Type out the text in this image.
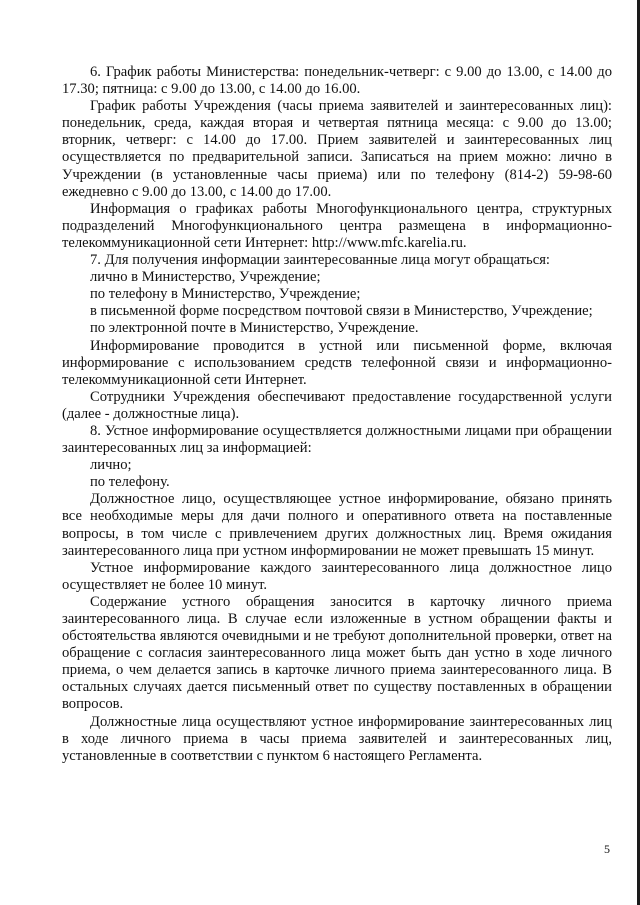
6. График работы Министерства: понедельник-четверг: с 9.00 до 13.00, с 14.00 до 17.30; пятница: с 9.00 до 13.00, с 14.00 до 16.00.

График работы Учреждения (часы приема заявителей и заинтересованных лиц): понедельник, среда, каждая вторая и четвертая пятница месяца: с 9.00 до 13.00; вторник, четверг: с 14.00 до 17.00. Прием заявителей и заинтересованных лиц осуществляется по предварительной записи. Записаться на прием можно: лично в Учреждении (в установленные часы приема) или по телефону (814-2) 59-98-60 ежедневно с 9.00 до 13.00, с 14.00 до 17.00.

Информация о графиках работы Многофункционального центра, структурных подразделений Многофункционального центра размещена в информационно-телекоммуникационной сети Интернет: http://www.mfc.karelia.ru.

7. Для получения информации заинтересованные лица могут обращаться:

лично в Министерство, Учреждение;

по телефону в Министерство, Учреждение;

в письменной форме посредством почтовой связи в Министерство, Учреждение;

по электронной почте в Министерство, Учреждение.

Информирование проводится в устной или письменной форме, включая информирование с использованием средств телефонной связи и информационно-телекоммуникационной сети Интернет.

Сотрудники Учреждения обеспечивают предоставление государственной услуги (далее - должностные лица).

8. Устное информирование осуществляется должностными лицами при обращении заинтересованных лиц за информацией:

лично;

по телефону.

Должностное лицо, осуществляющее устное информирование, обязано принять все необходимые меры для дачи полного и оперативного ответа на поставленные вопросы, в том числе с привлечением других должностных лиц. Время ожидания заинтересованного лица при устном информировании не может превышать 15 минут.

Устное информирование каждого заинтересованного лица должностное лицо осуществляет не более 10 минут.

Содержание устного обращения заносится в карточку личного приема заинтересованного лица. В случае если изложенные в устном обращении факты и обстоятельства являются очевидными и не требуют дополнительной проверки, ответ на обращение с согласия заинтересованного лица может быть дан устно в ходе личного приема, о чем делается запись в карточке личного приема заинтересованного лица. В остальных случаях дается письменный ответ по существу поставленных в обращении вопросов.

Должностные лица осуществляют устное информирование заинтересованных лиц в ходе личного приема в часы приема заявителей и заинтересованных лиц, установленные в соответствии с пунктом 6 настоящего Регламента.

5
